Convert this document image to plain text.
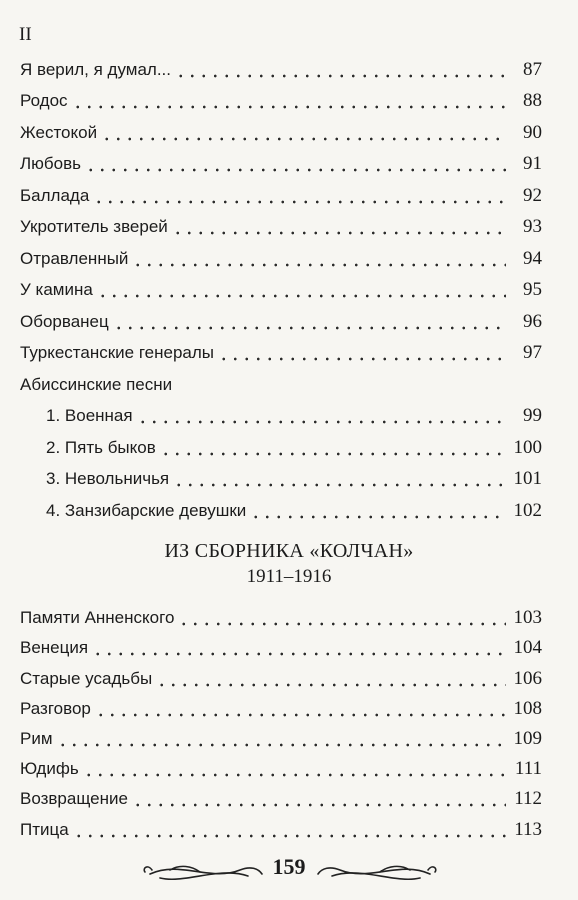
II
Я верил, я думал...	87
Родос	88
Жестокой	90
Любовь	91
Баллада	92
Укротитель зверей	93
Отравленный	94
У камина	95
Оборванец	96
Туркестанские генералы	97
Абиссинские песни
1. Военная	99
2. Пять быков	100
3. Невольничья	101
4. Занзибарские девушки	102
ИЗ СБОРНИКА «КОЛЧАН»
1911–1916
Памяти Анненского	103
Венеция	104
Старые усадьбы	106
Разговор	108
Рим	109
Юдифь	111
Возвращение	112
Птица	113
159
